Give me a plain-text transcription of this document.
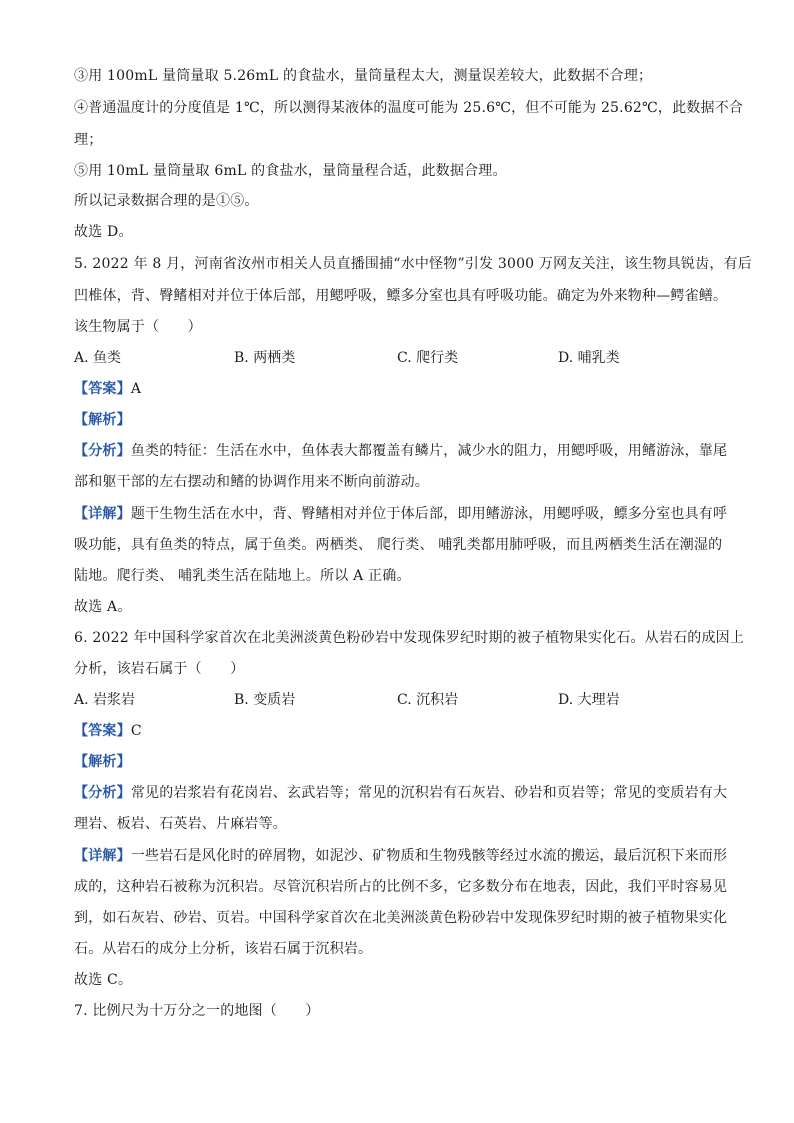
③用 100mL 量筒量取 5.26mL 的食盐水，量筒量程太大，测量误差较大，此数据不合理；
④普通温度计的分度值是 1℃，所以测得某液体的温度可能为 25.6℃，但不可能为 25.62℃，此数据不合
理；
⑤用 10mL 量筒量取 6mL 的食盐水，量筒量程合适，此数据合理。
所以记录数据合理的是①⑤。
故选 D。
5. 2022 年 8 月，河南省汝州市相关人员直播围捕“水中怪物”引发 3000 万网友关注，该生物具锐齿，有后
凹椎体，背、臀鳍相对并位于体后部，用鳃呼吸，鳔多分室也具有呼吸功能。确定为外来物种—鳄雀鳝。
该生物属于（　　）
A. 鱼类	B. 两栖类	C. 爬行类	D. 哺乳类
【答案】A
【解析】
【分析】鱼类的特征：生活在水中，鱼体表大都覆盖有鳞片，减少水的阻力，用鳃呼吸，用鳍游泳，靠尾
部和躯干部的左右摆动和鳍的协调作用来不断向前游动。
【详解】题干生物生活在水中，背、臀鳍相对并位于体后部，即用鳍游泳，用鳃呼吸，鳔多分室也具有呼
吸功能，具有鱼类的特点，属于鱼类。两栖类、 爬行类、 哺乳类都用肺呼吸，而且两栖类生活在潮湿的
陆地。爬行类、 哺乳类生活在陆地上。所以 A 正确。
故选 A。
6. 2022 年中国科学家首次在北美洲淡黄色粉砂岩中发现侏罗纪时期的被子植物果实化石。从岩石的成因上
分析，该岩石属于（　　）
A. 岩浆岩	B. 变质岩	C. 沉积岩	D. 大理岩
【答案】C
【解析】
【分析】常见的岩浆岩有花岗岩、玄武岩等；常见的沉积岩有石灰岩、砂岩和页岩等；常见的变质岩有大
理岩、板岩、石英岩、片麻岩等。
【详解】一些岩石是风化时的碎屑物，如泥沙、矿物质和生物残骸等经过水流的搬运，最后沉积下来而形
成的，这种岩石被称为沉积岩。尽管沉积岩所占的比例不多，它多数分布在地表，因此，我们平时容易见
到，如石灰岩、砂岩、页岩。中国科学家首次在北美洲淡黄色粉砂岩中发现侏罗纪时期的被子植物果实化
石。从岩石的成分上分析，该岩石属于沉积岩。
故选 C。
7. 比例尺为十万分之一的地图（　　）
